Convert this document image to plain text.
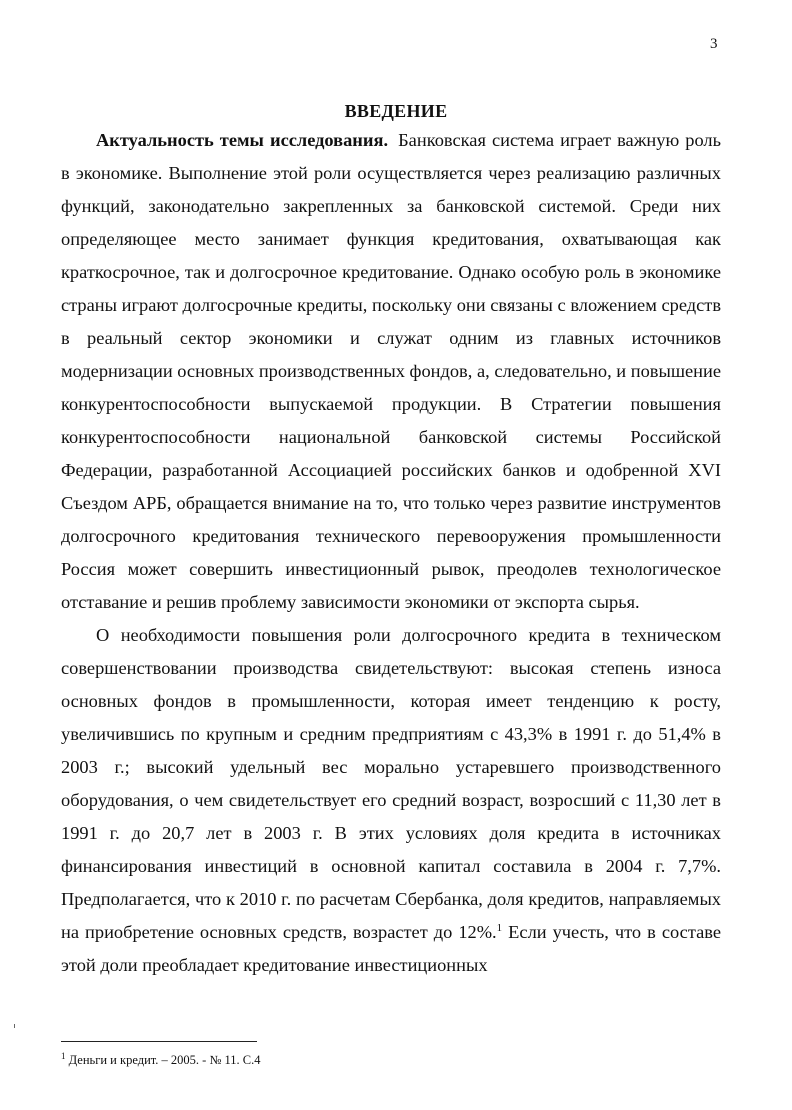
3
ВВЕДЕНИЕ

Актуальность темы исследования. Банковская система играет важную роль в экономике. Выполнение этой роли осуществляется через реализацию различных функций, законодательно закрепленных за банковской системой. Среди них определяющее место занимает функция кредитования, охватывающая как краткосрочное, так и долгосрочное кредитование. Однако особую роль в экономике страны играют долгосрочные кредиты, поскольку они связаны с вложением средств в реальный сектор экономики и служат одним из главных источников модернизации основных производственных фондов, а, следовательно, и повышение конкурентоспособности выпускаемой продукции. В Стратегии повышения конкурентоспособности национальной банковской системы Российской Федерации, разработанной Ассоциацией российских банков и одобренной XVI Съездом АРБ, обращается внимание на то, что только через развитие инструментов долгосрочного кредитования технического перевооружения промышленности Россия может совершить инвестиционный рывок, преодолев технологическое отставание и решив проблему зависимости экономики от экспорта сырья.

О необходимости повышения роли долгосрочного кредита в техническом совершенствовании производства свидетельствуют: высокая степень износа основных фондов в промышленности, которая имеет тенденцию к росту, увеличившись по крупным и средним предприятиям с 43,3% в 1991 г. до 51,4% в 2003 г.; высокий удельный вес морально устаревшего производственного оборудования, о чем свидетельствует его средний возраст, возросший с 11,30 лет в 1991 г. до 20,7 лет в 2003 г. В этих условиях доля кредита в источниках финансирования инвестиций в основной капитал составила в 2004 г. 7,7%. Предполагается, что к 2010 г. по расчетам Сбербанка, доля кредитов, направляемых на приобретение основных средств, возрастет до 12%.$^1$ Если учесть, что в составе этой доли преобладает кредитование инвестиционных

$^1$ Деньги и кредит. – 2005. - № 11. С.4
